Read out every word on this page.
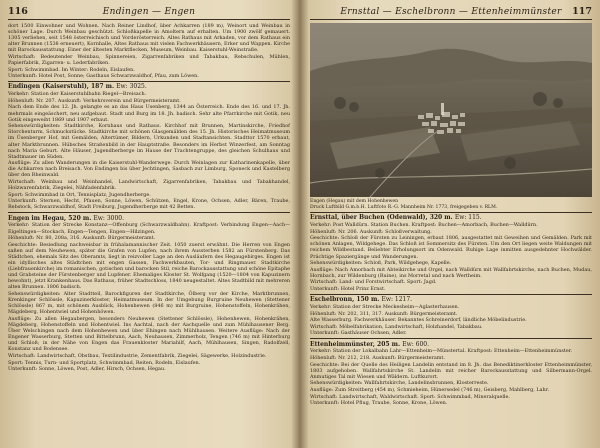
116	Endingen — Engen

dort 1500 Einwohner und Wohnen. Nach Reiner Lindhof, über Achkarren (189 m), Weinort und Weinbau in schöner Lage. Durch Weinbau geschützt. Schloßkapelle in Amoltern auf erhalten. Um 1900 zwölf gemauert. 1305 verliehen, seit 1548 österreichisch und Vorderösterreich. Altes Rathaus mit Arkaden, vor dem Rathaus ein alter Brunnen (1538 erneuert), Kornhalle, Altes Rathaus mit vielen Fachwerkhäusern, Erker und Wappen. Kirche mit Barockausstattung. Einer der ältesten Marktflecken, Museum, Weinbau. Kaiserstuhl-Weinstraße.

Wirtschaft: Bedeutender Weinbau, Spinnereien, Zigarrenfabriken und Tabakbau, Rebschulen, Mühlen, Papierfabrik, Zigarren- u. Lederfabriken.

Sport: Schwimmbad. Im Winter: Rodeln, Eislaufen.

Unterkunft: Hotel Post, Sonne; Gasthaus Schwarzwaldhof, Pfau, zum Löwen.

Endingen (Kaiserstuhl), 187 m. Ew: 3025.

Verkehr: Station der Kaiserstuhlbahn Riegel—Breisach.

Höhenluft: Nr. 207. Auskunft: Verkehrsverein und Bürgermeisteramt.

Nach dem Ende des 12. Jh. gelangte es an das Haus Usenberg, 1344 an Österreich. Ende des 16. und 17. Jh. mehrmals eingeäschert, neu aufgebaut. Stadt und Burg im 18. Jh. badisch. Sehr alte Pfarrkirche mit Gotik, neu Gotik eingeweiht 1869 und 1907 erbaut.

Sehenswürdigkeiten: Stadtkirche, Kornhaus und Rathaus. Kirchhof mit Brunnen, Martinskirche, Friedhof Storchenturm, Schmuckstücke. Stadtkirche mit schönen Glasgemälden des 15. Jh. Historisches Heimatmuseum im Üsenberger Hof, mit Gemälden, Altertümer, Bildern, Urkunden und Stadtansichten. Stadttor 1570 erbaut, alter Marktbrunnen. Hübsches Straßenbild in der Hauptstraße. Besonders im Herbst Winzerfest, am Sonntag nach Maria Geburt. Alte Häuser, Jugendherberge im Hause der Trachtengruppe, des gleichen Schulhaus und Stadtmauer im Süden.

Ausflüge: Zu allen Wanderungen in die Kaiserstuhl-Wanderwege. Durch Weinlagen zur Katharinenkapelle, über die Achkarren nach Breisach. Von Endingen bis über Jechtingen, Sasbach zur Limburg, Sponeck und Kastelberg über den Rheinwald.

Wirtschaft: Weinbau und Weinhandel, Landwirtschaft, Zigarrenfabriken, Tabakbau und Tabakhandel, Holzwarenfabrik, Ziegelei, Nähfadenfabrik.

Sport: Schwimmbad in Ort, Tennisplatz, Jugendherberge.

Unterkunft: Sternen, Hecht, Pfauen, Sonne, Löwen, Schützen, Engel, Krone, Ochsen, Adler, Bären, Traube, Rebstock, Schwarzwaldhof, Stadt Freiburg, Jugendherberge mit 42 Betten.

Engen im Hegau, 520 m. Ew: 3000.

Verkehr: Station der Strecke Konstanz—Offenburg (Schwarzwaldbahn). Kraftpost: Verbindung Engen—Aach—Eigeltingen—Stockach, Engen—Tengen, Engen—Hilzingen.

Höhenluft: Nr. 80, 208a, 316. Auskunft: Bürgermeisteramt.

Geschichte: Besiedlung nachweisbar in frühalamannischer Zeit. 1050 zuerst erwähnt. Die Herren von Engen saßen auf dem Neuhewen, später die Grafen von Lupfen, nach ihrem Aussterben 1582 an Fürstenberg. Das Städtchen, ehemals Sitz des Oberamts, liegt in reizvoller Lage an den Ausläufern des Hegaugebirges. Engen ist ein idyllisches altes Städtchen mit engen Gassen, Fachwerkbauten, Tor- und Ringmauer. Stadtkirche (Liebfrauenkirche) im romanischen, gotischen und barocken Stil, reiche Barockausstattung und schöne Epitaphe und Grabsteine der Fürstenberger und Lupfener. Ehemaliges Kloster St. Wolfgang (1520—1804 von Kapuzinern bewohnt), jetzt Krankenhaus. Das Rathaus, früher Stadtschloss, 1840 neugestaltet. Altes Stadtbild mit mehreren alten Brunnen. 1806 badisch.

Sehenswürdigkeiten: Alter Stadtteil, Barockfiguren der Stadtkirche, Ölberg vor der Kirche, Marktbrunnen, Krenkinger Schlössle, Kapuzinerkloster, Heimatmuseum. In der Umgebung Burgruine Neuhewen (Stettener Schlössle) 867 m, mit schönem Ausblick, Hohenhewen (846 m) mit Burgruine, Hohenstoffeln, Hohenkrähen, Mägdeberg, Hohentwiel und Hohenhöwen.

Ausflüge: Zu allen Hegaubergen, besonders Neuhewen (Stettener Schlössle), Hohenhewen, Hohenkrähen, Mägdeberg, Hohenstoffeln und Hohentwiel. Ins Aachtal, nach der Aachquelle und zum Mühlhausener Berg. Über Welschingen nach dem Hohenhewen und über Ehingen nach Mühlhausen. Weitere Ausflüge: Nach der Engener Wasserburg, Stetten und Bittelbrunn, Aach, Neuhausen, Zimmerholz, Tengen (746 m) mit Hinterburg und Schloß; in der Nähe von Engen das Frauenkloster Mariahilf, Aach, Mühlhausen, Singen, Radolfzell, Konstanz und Bodensee.

Wirtschaft: Landwirtschaft, Obstbau, Textilindustrie, Zementfabrik, Ziegelei, Sägewerke, Holzindustrie.

Sport: Tennis, Turn- und Sportplatz, Schwimmbad, Reiten, Rodeln, Eislaufen.

Unterkunft: Sonne, Löwen, Post, Adler, Hirsch, Ochsen, Hegau.

Ernsttal — Eschelbronn — Ettenheimmünster	117

Engen (Hegau) mit dem Hohenhewen
Druck Luftbild G.m.b.H. Luftfoto R.-G. Mannheim Nr. 1773, freigegeben v. RLM.

Ernsttal, über Buchen (Odenwald), 320 m. Ew: 115.

Verkehr: Post Walldürn. Station Buchen. Kraftpost: Buchen—Amorbach, Buchen—Walldürn.

Höhenluft: Nr. 206. Auskunft: Schloßverwaltung.

Geschichte: Schloß der Fürsten zu Leiningen, erbaut 1806, ausgestattet mit Geweihen und Gemälden. Park mit schönen Anlagen, Wildgehege. Das Schloß ist Sommersitz des Fürsten. Um den Ort liegen weite Waldungen mit reichem Wildbestand. Beliebter Erholungsort im Odenwald. Ruhige Lage inmitten ausgedehnter Hochwälder. Prächtige Spaziergänge und Wanderungen.

Sehenswürdigkeiten: Schloß, Park, Wildgehege, Kapelle.

Ausflüge: Nach Amorbach mit Abteikirche und Orgel, nach Walldürn mit Wallfahrtskirche, nach Buchen, Mudau, Hornbach, zur Wildenburg (Ruine), ins Morretal und nach Wertheim.

Wirtschaft: Land- und Forstwirtschaft. Sport: Jagd.

Unterkunft: Hotel Prinz Ernst.

Eschelbronn, 150 m. Ew: 1217.

Verkehr: Station der Strecke Meckesheim—Aglasterhausen.

Höhenluft: Nr. 202, 311, 317. Auskunft: Bürgermeisteramt.

Alte Wasserburg. Fachwerkhäuser. Bekanntes Schreinerdorf, ländliche Möbelindustrie.

Wirtschaft: Möbelfabrikation, Landwirtschaft, Holzhandel, Tabakbau.

Unterkunft: Gasthäuser Ochsen, Adler.

Ettenheimmünster, 205 m. Ew: 600.

Verkehr: Station der Lokalbahn Lahr—Ettenheim—Münstertal. Kraftpost: Ettenheim—Ettenheimmünster.

Höhenluft: Nr. 212, 218. Auskunft: Bürgermeisteramt.

Geschichte: Bei der Quelle des Heiligen Landelin entstand im 8. Jh. das Benediktinerkloster Ettenheimmünster, 1803 aufgehoben. Wallfahrtskirche St. Landelin mit reicher Barockausstattung und Silbermann-Orgel. Anmutiges Tal mit Wiesen und Wäldern. Luftkurort.

Sehenswürdigkeiten: Wallfahrtskirche, Landelinsbrunnen, Klosterreste.

Ausflüge: Zum Streitberg (454 m), Schmieheim, Hünersedel (746 m), Geisberg, Mahlberg, Lahr.

Wirtschaft: Landwirtschaft, Waldwirtschaft. Sport: Schwimmbad, Mineralquelle.

Unterkunft: Hotel Pflug, Traube, Sonne, Krone, Löwen.
